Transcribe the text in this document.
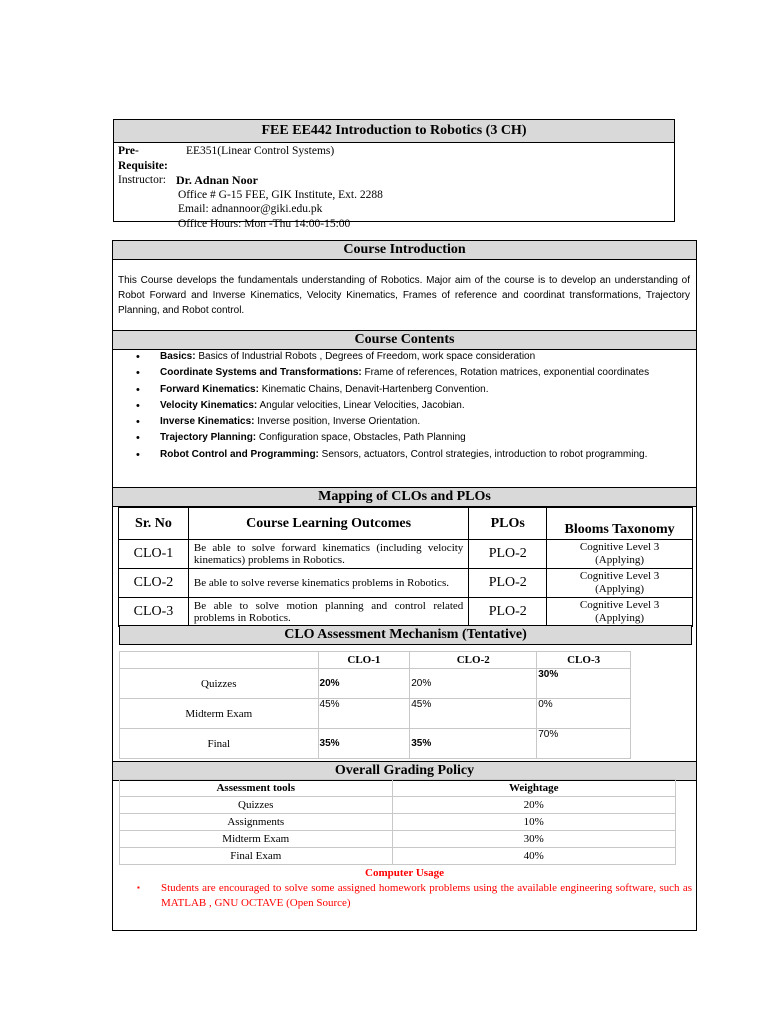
FEE EE442 Introduction to Robotics (3 CH)
Pre-Requisite:
EE351(Linear Control Systems)
Instructor: Dr. Adnan Noor
Office # G-15 FEE, GIK Institute, Ext. 2288
Email: adnannoor@giki.edu.pk
Office Hours: Mon -Thu 14:00-15:00
Course Introduction
This Course develops the fundamentals understanding of Robotics. Major aim of the course is to develop an understanding of Robot Forward and Inverse Kinematics, Velocity Kinematics, Frames of reference and coordinat transformations, Trajectory Planning, and Robot control.
Course Contents
• Basics: Basics of Industrial Robots , Degrees of Freedom, work space consideration
• Coordinate Systems and Transformations: Frame of references, Rotation matrices, exponential coordinates
• Forward Kinematics: Kinematic Chains, Denavit-Hartenberg Convention.
• Velocity Kinematics: Angular velocities, Linear Velocities, Jacobian.
• Inverse Kinematics: Inverse position, Inverse Orientation.
• Trajectory Planning: Configuration space, Obstacles, Path Planning
• Robot Control and Programming: Sensors, actuators, Control strategies, introduction to robot programming.
Mapping of CLOs and PLOs
Sr. No	Course Learning Outcomes	PLOs	Blooms Taxonomy
CLO-1	Be able to solve forward kinematics (including velocity kinematics) problems in Robotics.	PLO-2	Cognitive Level 3
(Applying)

CLO-2	Be able to solve reverse kinematics problems in Robotics.	PLO-2	Cognitive Level 3
(Applying)

CLO-3	Be able to solve motion planning and control related problems in Robotics.	PLO-2	Cognitive Level 3
(Applying)
CLO Assessment Mechanism (Tentative)
	CLO-1	CLO-2	CLO-3
Quizzes	20%	20%	30%
Midterm Exam	45%	45%	0%
Final	35%	35%	70%
Overall Grading Policy
Assessment tools	Weightage
Quizzes	20%
Assignments	10%
Midterm Exam	30%
Final Exam	40%
Computer Usage
▪	Students are encouraged to solve some assigned homework problems using the available engineering software, such as MATLAB , GNU OCTAVE (Open Source)
